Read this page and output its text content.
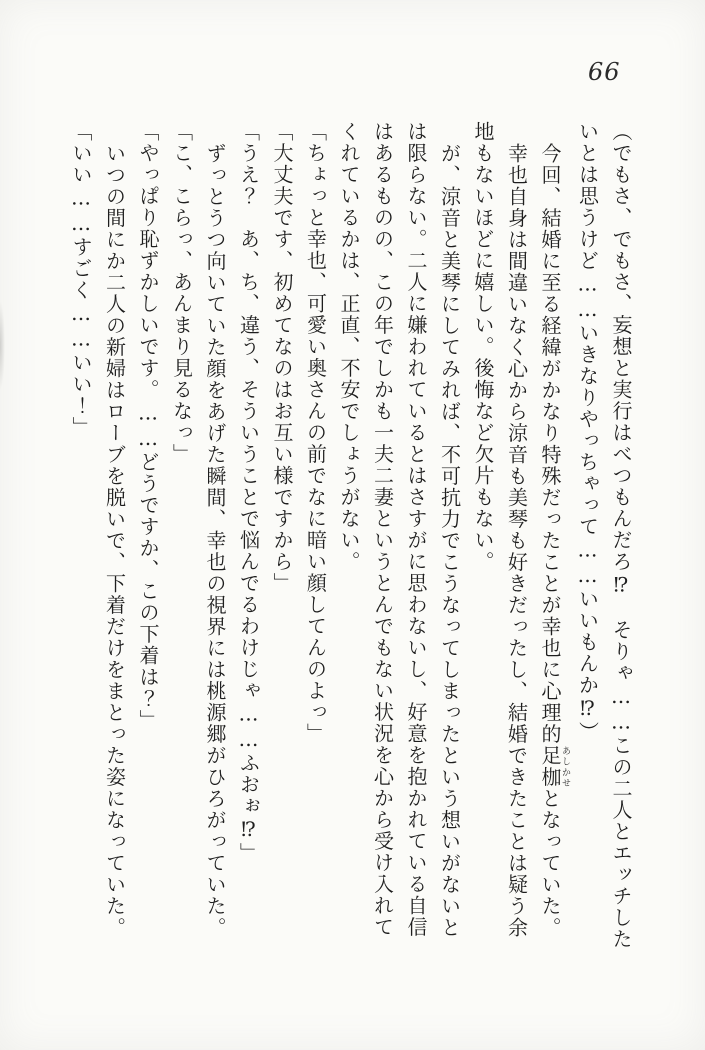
66

（でもさ、でもさ、妄想と実行はべつもんだろ⁉　そりゃ……この二人とエッチした

いとは思うけど……いきなりやっちゃって……いいもんか⁉）

今回、結婚に至る経緯がかなり特殊だったことが幸也に心理的足枷あしかせとなっていた。

幸也自身は間違いなく心から涼音も美琴も好きだったし、結婚できたことは疑う余

地もないほどに嬉しい。後悔など欠片もない。

が、涼音と美琴にしてみれば、不可抗力でこうなってしまったという想いがないと

は限らない。二人に嫌われているとはさすがに思わないし、好意を抱かれている自信

はあるものの、この年でしかも一夫二妻というとんでもない状況を心から受け入れて

くれているかは、正直、不安でしょうがない。

「ちょっと幸也、可愛い奥さんの前でなに暗い顔してんのよっ」

「大丈夫です、初めてなのはお互い様ですから」

「うえ？　あ、ち、違う、そういうことで悩んでるわけじゃ……ふおぉ⁉」

ずっとうつ向いていた顔をあげた瞬間、幸也の視界には桃源郷がひろがっていた。

「こ、こらっ、あんまり見るなっ」

「やっぱり恥ずかしいです。……どうですか、この下着は？」

いつの間にか二人の新婦はローブを脱いで、下着だけをまとった姿になっていた。

「いい……すごく……いい！」
